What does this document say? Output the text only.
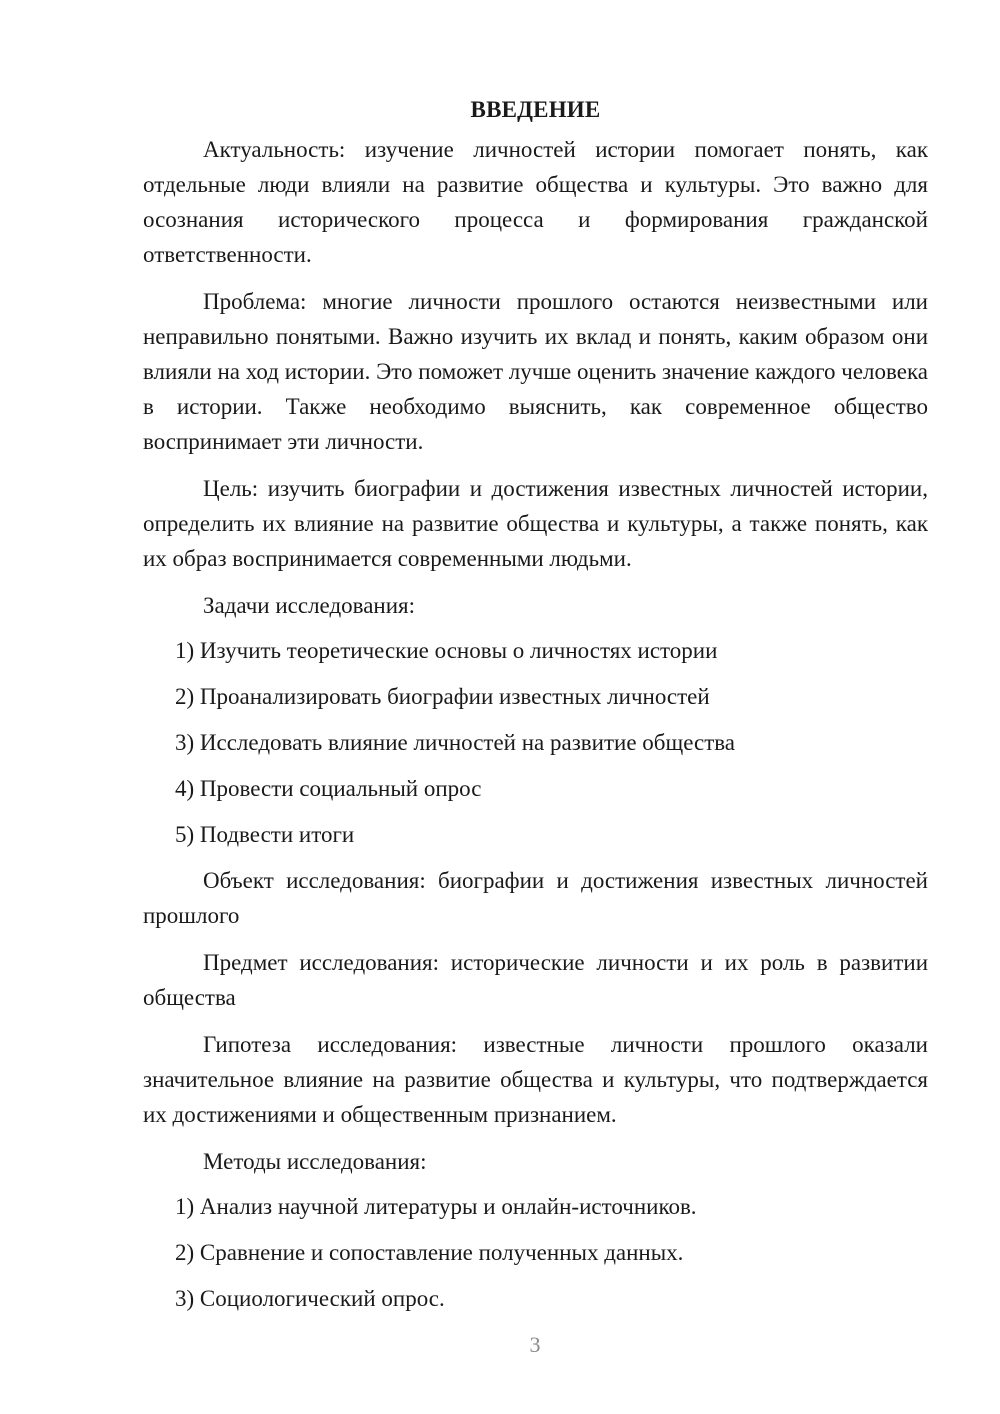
ВВЕДЕНИЕ

Актуальность: изучение личностей истории помогает понять, как отдельные люди влияли на развитие общества и культуры. Это важно для осознания исторического процесса и формирования гражданской ответственности.

Проблема: многие личности прошлого остаются неизвестными или неправильно понятыми. Важно изучить их вклад и понять, каким образом они влияли на ход истории. Это поможет лучше оценить значение каждого человека в истории. Также необходимо выяснить, как современное общество воспринимает эти личности.

Цель: изучить биографии и достижения известных личностей истории, определить их влияние на развитие общества и культуры, а также понять, как их образ воспринимается современными людьми.

Задачи исследования:

1) Изучить теоретические основы о личностях истории
2) Проанализировать биографии известных личностей
3) Исследовать влияние личностей на развитие общества
4) Провести социальный опрос
5) Подвести итоги

Объект исследования: биографии и достижения известных личностей прошлого

Предмет исследования: исторические личности и их роль в развитии общества

Гипотеза исследования: известные личности прошлого оказали значительное влияние на развитие общества и культуры, что подтверждается их достижениями и общественным признанием.

Методы исследования:

1) Анализ научной литературы и онлайн-источников.
2) Сравнение и сопоставление полученных данных.
3) Социологический опрос.
3
